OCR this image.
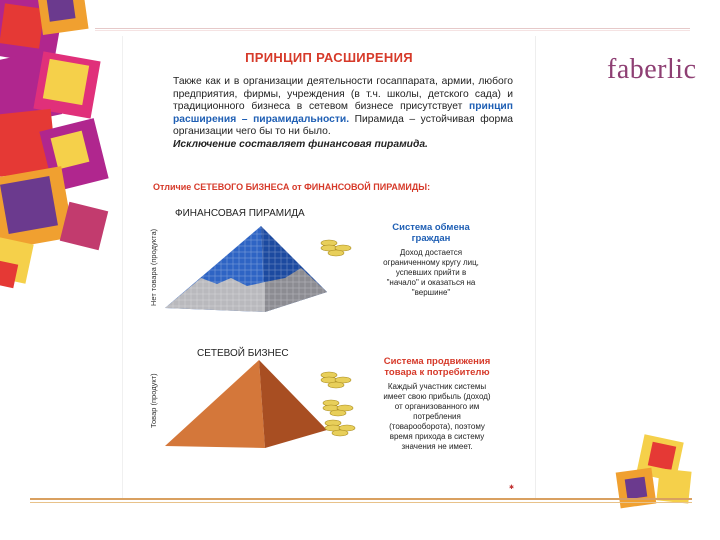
faberlic
ПРИНЦИП РАСШИРЕНИЯ
Также как и в организации деятельности госаппарата, армии, любого предприятия, фирмы, учреждения (в т.ч. школы, детского сада) и традиционного бизнеса в сетевом бизнесе присутствует принцип расширения – пирамидальности. Пирамида – устойчивая форма организации чего бы то ни было.
Исключение составляет финансовая пирамида.
Отличие СЕТЕВОГО БИЗНЕСА от ФИНАНСОВОЙ ПИРАМИДЫ:
ФИНАНСОВАЯ ПИРАМИДА
Нет товара (продукта)
Система обмена граждан
Доход достается ограниченному кругу лиц, успевших прийти в "начало" и оказаться на "вершине"
СЕТЕВОЙ БИЗНЕС
Товар (продукт)
Система продвижения товара к потребителю
Каждый участник системы имеет свою прибыль (доход) от организованного им потребления (товарооборота), поэтому время прихода в систему значения не имеет.
✱
